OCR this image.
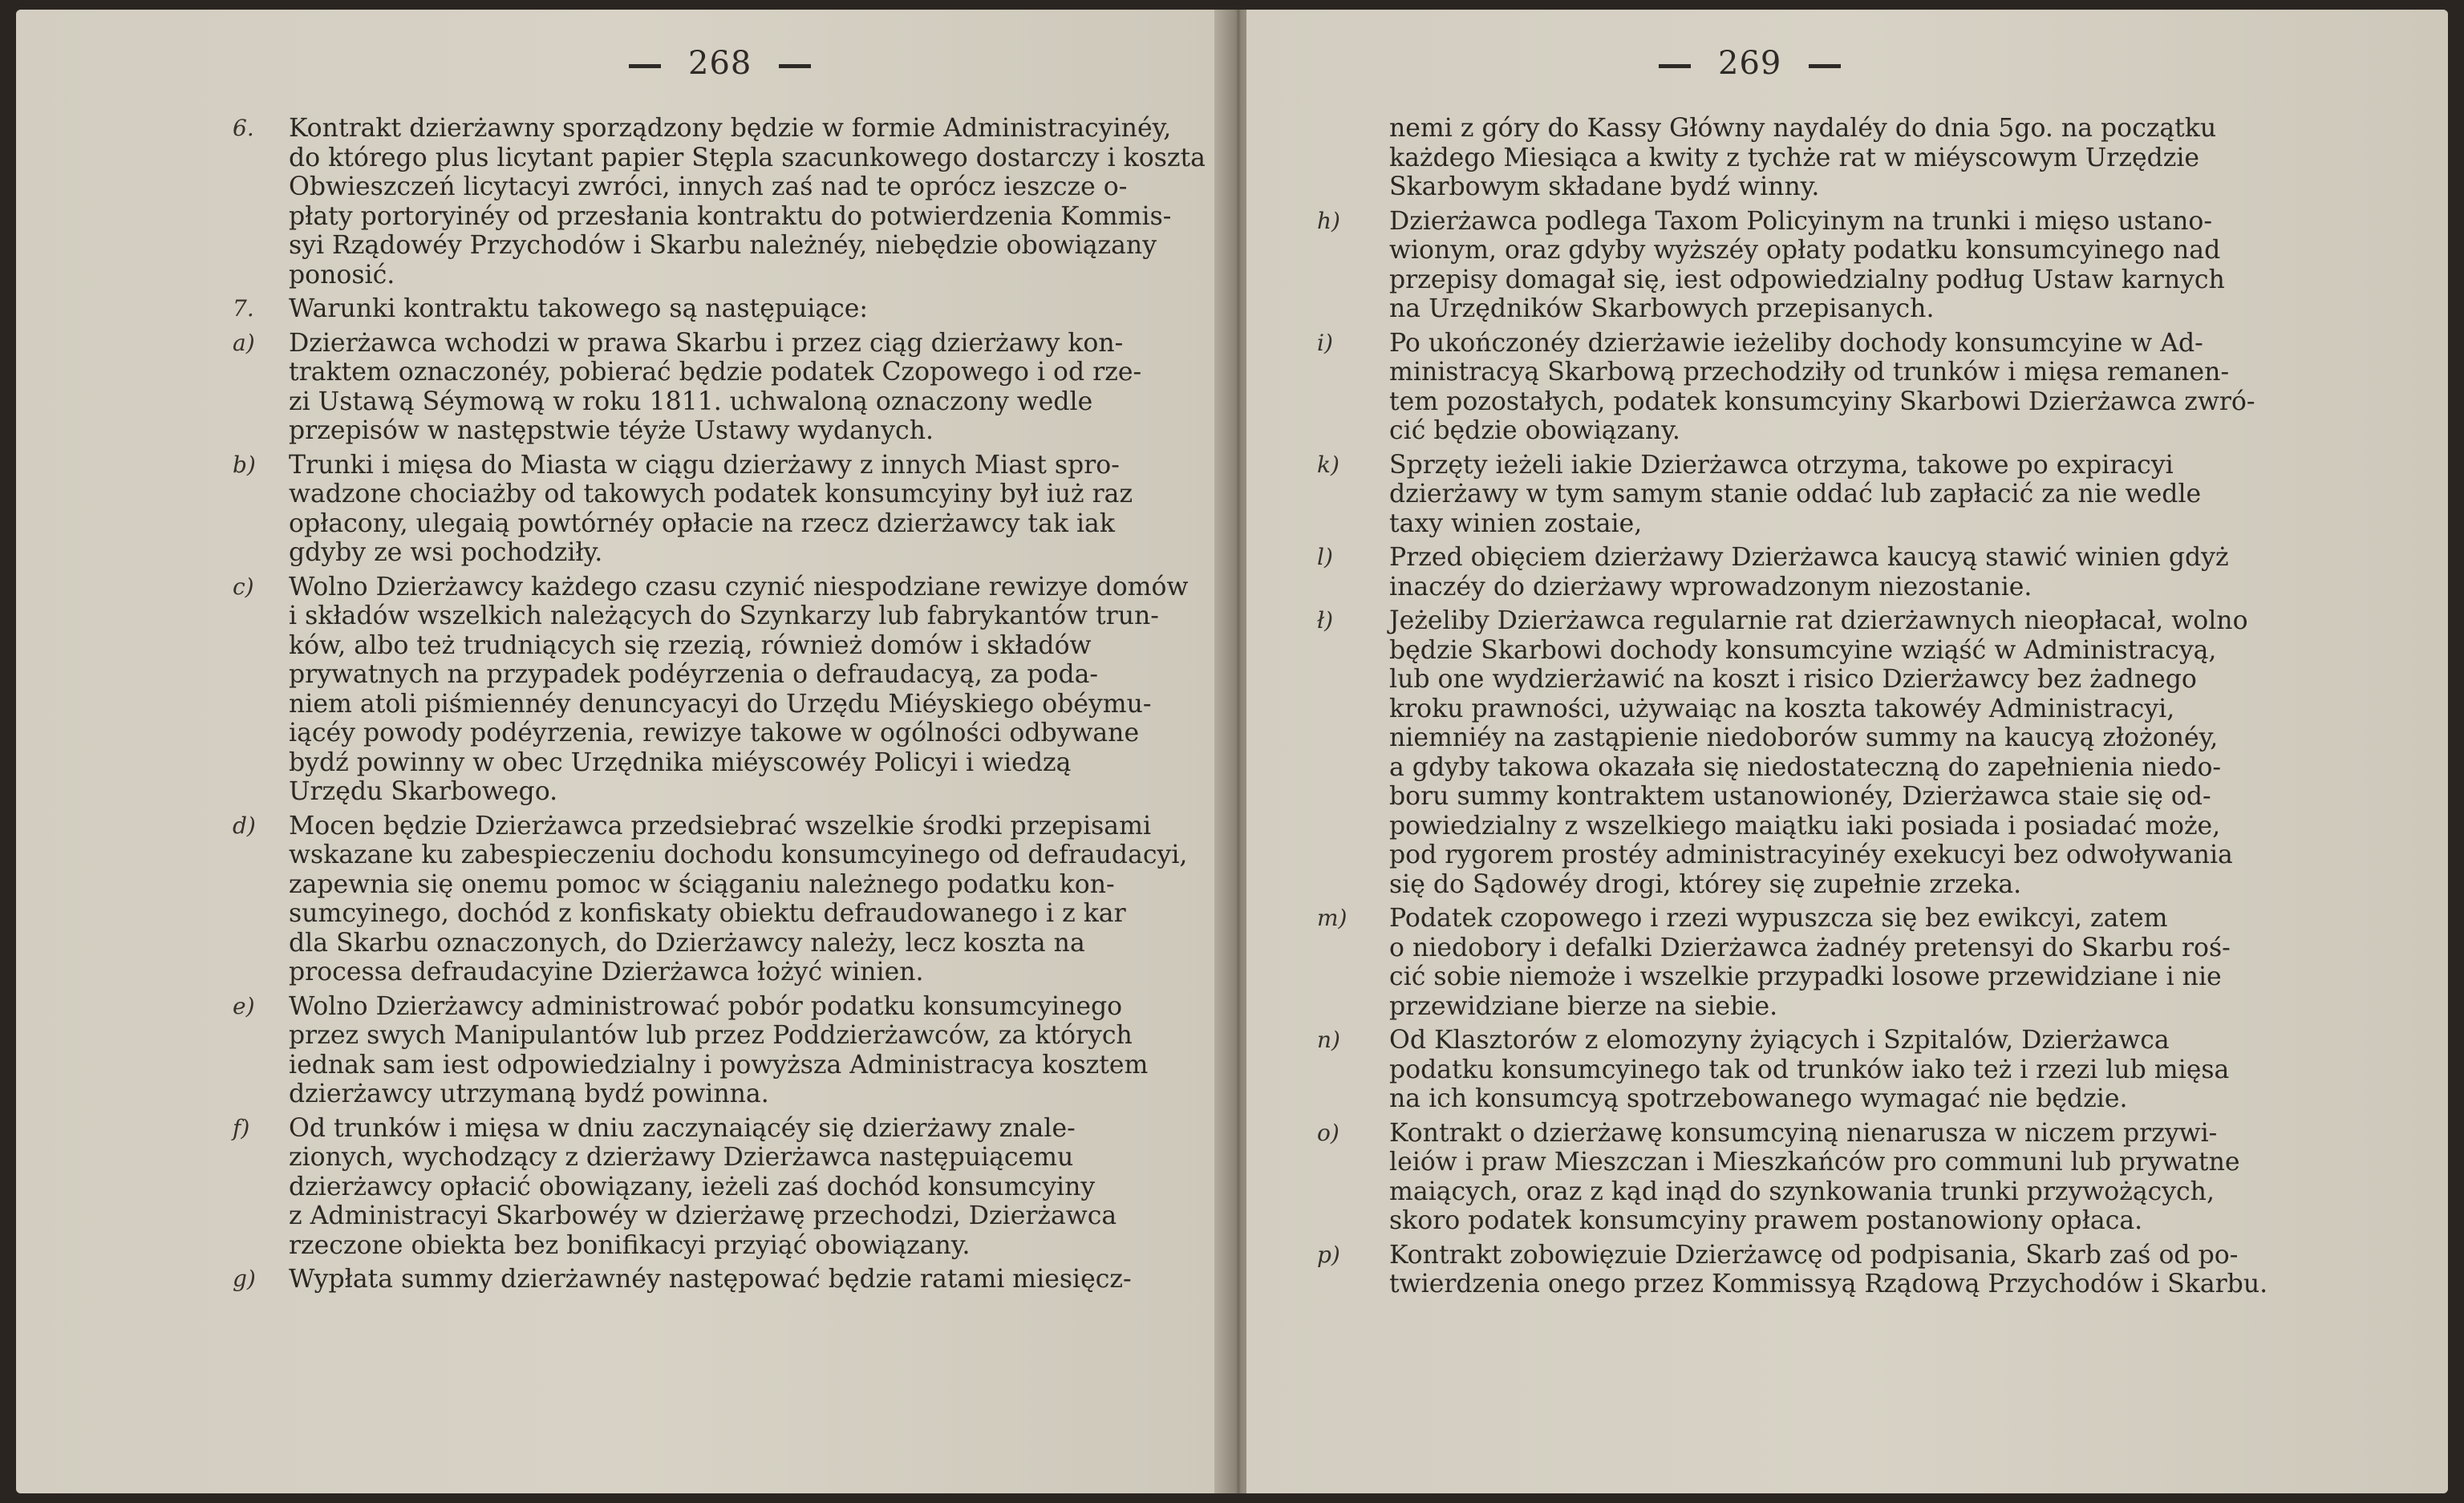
268
6. Kontrakt dzierżawny sporządzony będzie w formie Administracyinéy,
do którego plus licytant papier Stępla szacunkowego dostarczy i koszta
Obwieszczeń licytacyi zwróci, innych zaś nad te oprócz ieszcze o-
płaty portoryinéy od przesłania kontraktu do potwierdzenia Kommis-
syi Rządowéy Przychodów i Skarbu należnéy, niebędzie obowiązany
ponosić.
7. Warunki kontraktu takowego są następuiące:
a) Dzierżawca wchodzi w prawa Skarbu i przez ciąg dzierżawy kon-
traktem oznaczonéy, pobierać będzie podatek Czopowego i od rze-
zi Ustawą Séymową w roku 1811. uchwaloną oznaczony wedle
przepisów w następstwie téyże Ustawy wydanych.
b) Trunki i mięsa do Miasta w ciągu dzierżawy z innych Miast spro-
wadzone chociażby od takowych podatek konsumcyiny był iuż raz
opłacony, ulegaią powtórnéy opłacie na rzecz dzierżawcy tak iak
gdyby ze wsi pochodziły.
c) Wolno Dzierżawcy każdego czasu czynić niespodziane rewizye domów
i składów wszelkich należących do Szynkarzy lub fabrykantów trun-
ków, albo też trudniących się rzezią, również domów i składów
prywatnych na przypadek podéyrzenia o defraudacyą, za poda-
niem atoli piśmiennéy denuncyacyi do Urzędu Miéyskiego obéymu-
iącéy powody podéyrzenia, rewizye takowe w ogólności odbywane
bydź powinny w obec Urzędnika miéyscowéy Policyi i wiedzą
Urzędu Skarbowego.
d) Mocen będzie Dzierżawca przedsiebrać wszelkie środki przepisami
wskazane ku zabespieczeniu dochodu konsumcyinego od defraudacyi,
zapewnia się onemu pomoc w ściąganiu należnego podatku kon-
sumcyinego, dochód z konfiskaty obiektu defraudowanego i z kar
dla Skarbu oznaczonych, do Dzierżawcy należy, lecz koszta na
processa defraudacyine Dzierżawca łożyć winien.
e) Wolno Dzierżawcy administrować pobór podatku konsumcyinego
przez swych Manipulantów lub przez Poddzierżawców, za których
iednak sam iest odpowiedzialny i powyższa Administracya kosztem
dzierżawcy utrzymaną bydź powinna.
f) Od trunków i mięsa w dniu zaczynaiącéy się dzierżawy znale-
zionych, wychodzący z dzierżawy Dzierżawca następuiącemu
dzierżawcy opłacić obowiązany, ieżeli zaś dochód konsumcyiny
z Administracyi Skarbowéy w dzierżawę przechodzi, Dzierżawca
rzeczone obiekta bez bonifikacyi przyiąć obowiązany.
g) Wypłata summy dzierżawnéy następować będzie ratami miesięcz-
269
nemi z góry do Kassy Główny naydaléy do dnia 5go. na początku
każdego Miesiąca a kwity z tychże rat w miéyscowym Urzędzie
Skarbowym składane bydź winny.
h) Dzierżawca podlega Taxom Policyinym na trunki i mięso ustano-
wionym, oraz gdyby wyższéy opłaty podatku konsumcyinego nad
przepisy domagał się, iest odpowiedzialny podług Ustaw karnych
na Urzędników Skarbowych przepisanych.
i) Po ukończonéy dzierżawie ieżeliby dochody konsumcyine w Ad-
ministracyą Skarbową przechodziły od trunków i mięsa remanen-
tem pozostałych, podatek konsumcyiny Skarbowi Dzierżawca zwró-
cić będzie obowiązany.
k) Sprzęty ieżeli iakie Dzierżawca otrzyma, takowe po expiracyi
dzierżawy w tym samym stanie oddać lub zapłacić za nie wedle
taxy winien zostaie,
l) Przed obięciem dzierżawy Dzierżawca kaucyą stawić winien gdyż
inaczéy do dzierżawy wprowadzonym niezostanie.
ł) Jeżeliby Dzierżawca regularnie rat dzierżawnych nieopłacał, wolno
będzie Skarbowi dochody konsumcyine wziąść w Administracyą,
lub one wydzierżawić na koszt i risico Dzierżawcy bez żadnego
kroku prawności, używaiąc na koszta takowéy Administracyi,
niemniéy na zastąpienie niedoborów summy na kaucyą złożonéy,
a gdyby takowa okazała się niedostateczną do zapełnienia niedo-
boru summy kontraktem ustanowionéy, Dzierżawca staie się od-
powiedzialny z wszelkiego maiątku iaki posiada i posiadać może,
pod rygorem prostéy administracyinéy exekucyi bez odwoływania
się do Sądowéy drogi, którey się zupełnie zrzeka.
m) Podatek czopowego i rzezi wypuszcza się bez ewikcyi, zatem
o niedobory i defalki Dzierżawca żadnéy pretensyi do Skarbu roś-
cić sobie niemoże i wszelkie przypadki losowe przewidziane i nie
przewidziane bierze na siebie.
n) Od Klasztorów z elomozyny żyiących i Szpitalów, Dzierżawca
podatku konsumcyinego tak od trunków iako też i rzezi lub mięsa
na ich konsumcyą spotrzebowanego wymagać nie będzie.
o) Kontrakt o dzierżawę konsumcyiną nienarusza w niczem przywi-
leiów i praw Mieszczan i Mieszkańców pro communi lub prywatne
maiących, oraz z kąd inąd do szynkowania trunki przywożących,
skoro podatek konsumcyiny prawem postanowiony opłaca.
p) Kontrakt zobowięzuie Dzierżawcę od podpisania, Skarb zaś od po-
twierdzenia onego przez Kommissyą Rządową Przychodów i Skarbu.
